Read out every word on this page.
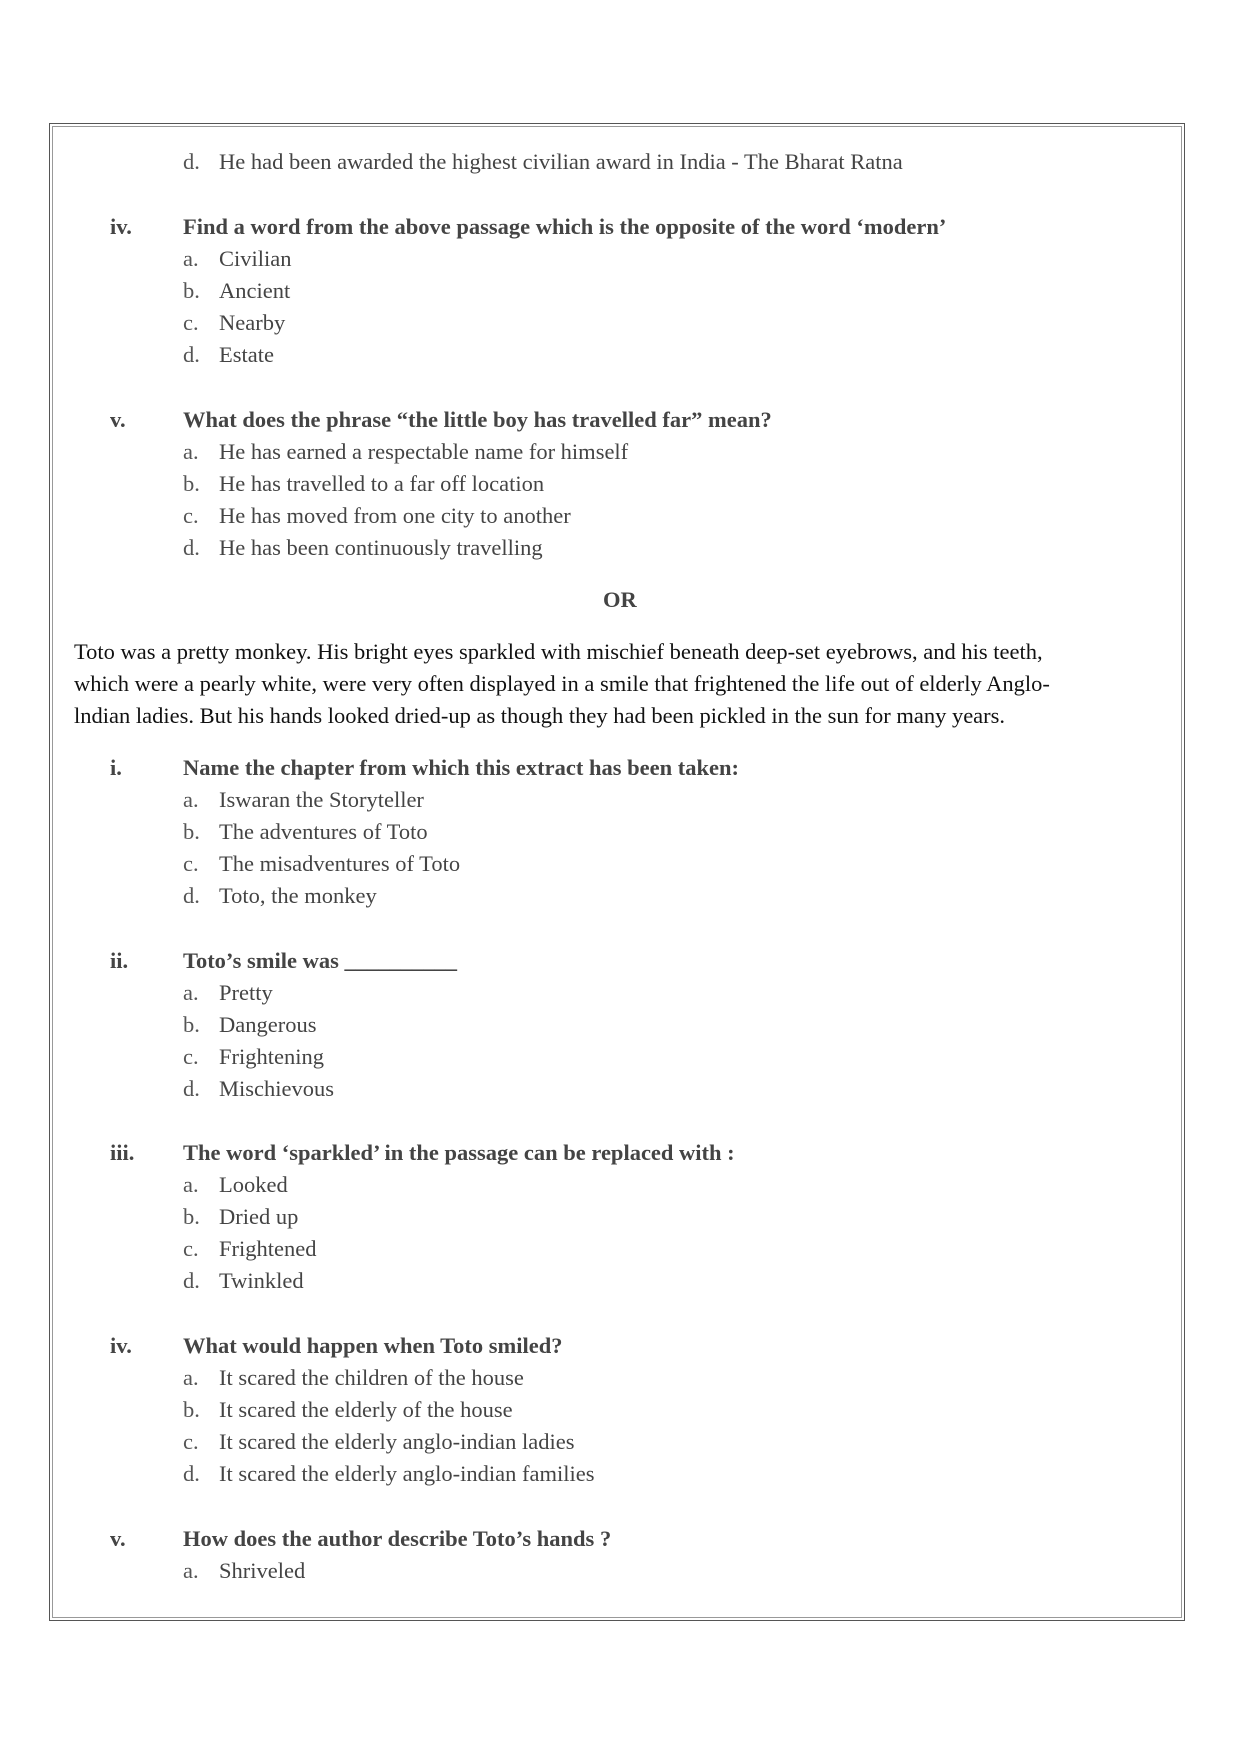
d. He had been awarded the highest civilian award in India - The Bharat Ratna
iv. Find a word from the above passage which is the opposite of the word ‘modern’
a. Civilian
b. Ancient
c. Nearby
d. Estate
v.	What does the phrase “the little boy has travelled far” mean?
a. He has earned a respectable name for himself
b. He has travelled to a far off location
c. He has moved from one city to another
d. He has been continuously travelling
OR
Toto was a pretty monkey. His bright eyes sparkled with mischief beneath deep-set eyebrows, and his teeth,
which were a pearly white, were very often displayed in a smile that frightened the life out of elderly Anglo-
lndian ladies. But his hands looked dried-up as though they had been pickled in the sun for many years.
i.	Name the chapter from which this extract has been taken:
a. Iswaran the Storyteller
b. The adventures of Toto
c. The misadventures of Toto
d. Toto, the monkey
ii. Toto’s smile was __________
a. Pretty
b. Dangerous
c. Frightening
d. Mischievous
iii. The word ‘sparkled’ in the passage can be replaced with :
a. Looked
b. Dried up
c. Frightened
d. Twinkled
iv. What would happen when Toto smiled?
a. It scared the children of the house
b. It scared the elderly of the house
c. It scared the elderly anglo-indian ladies
d. It scared the elderly anglo-indian families
v.	How does the author describe Toto’s hands ?
a. Shriveled
